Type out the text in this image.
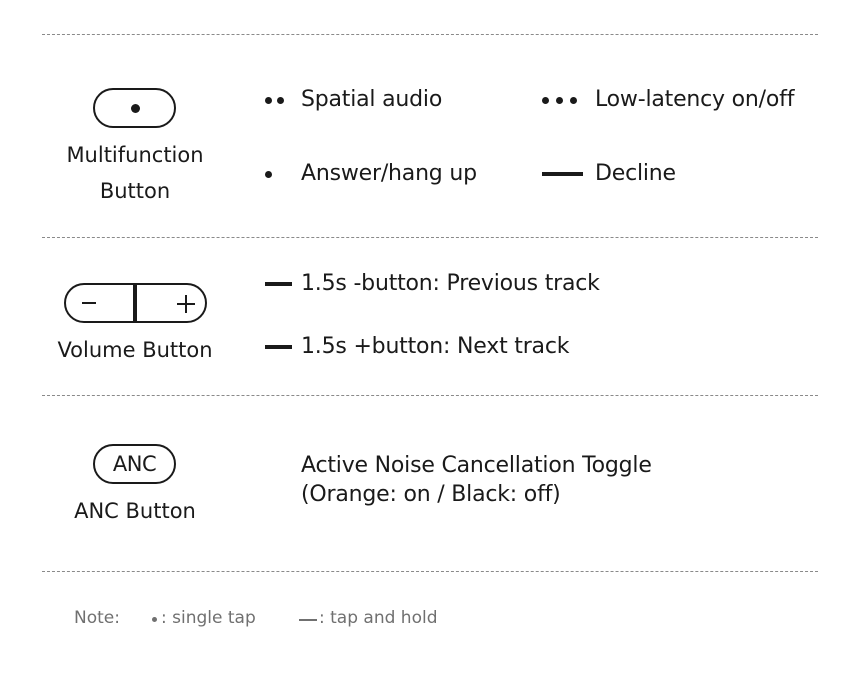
Multifunction
Button
Spatial audio	Low-latency on/off
Answer/hang up	Decline
Volume Button
1.5s -button: Previous track
1.5s +button: Next track
ANC
ANC Button
Active Noise Cancellation Toggle
(Orange: on / Black: off)
Note: : single tap	: tap and hold
